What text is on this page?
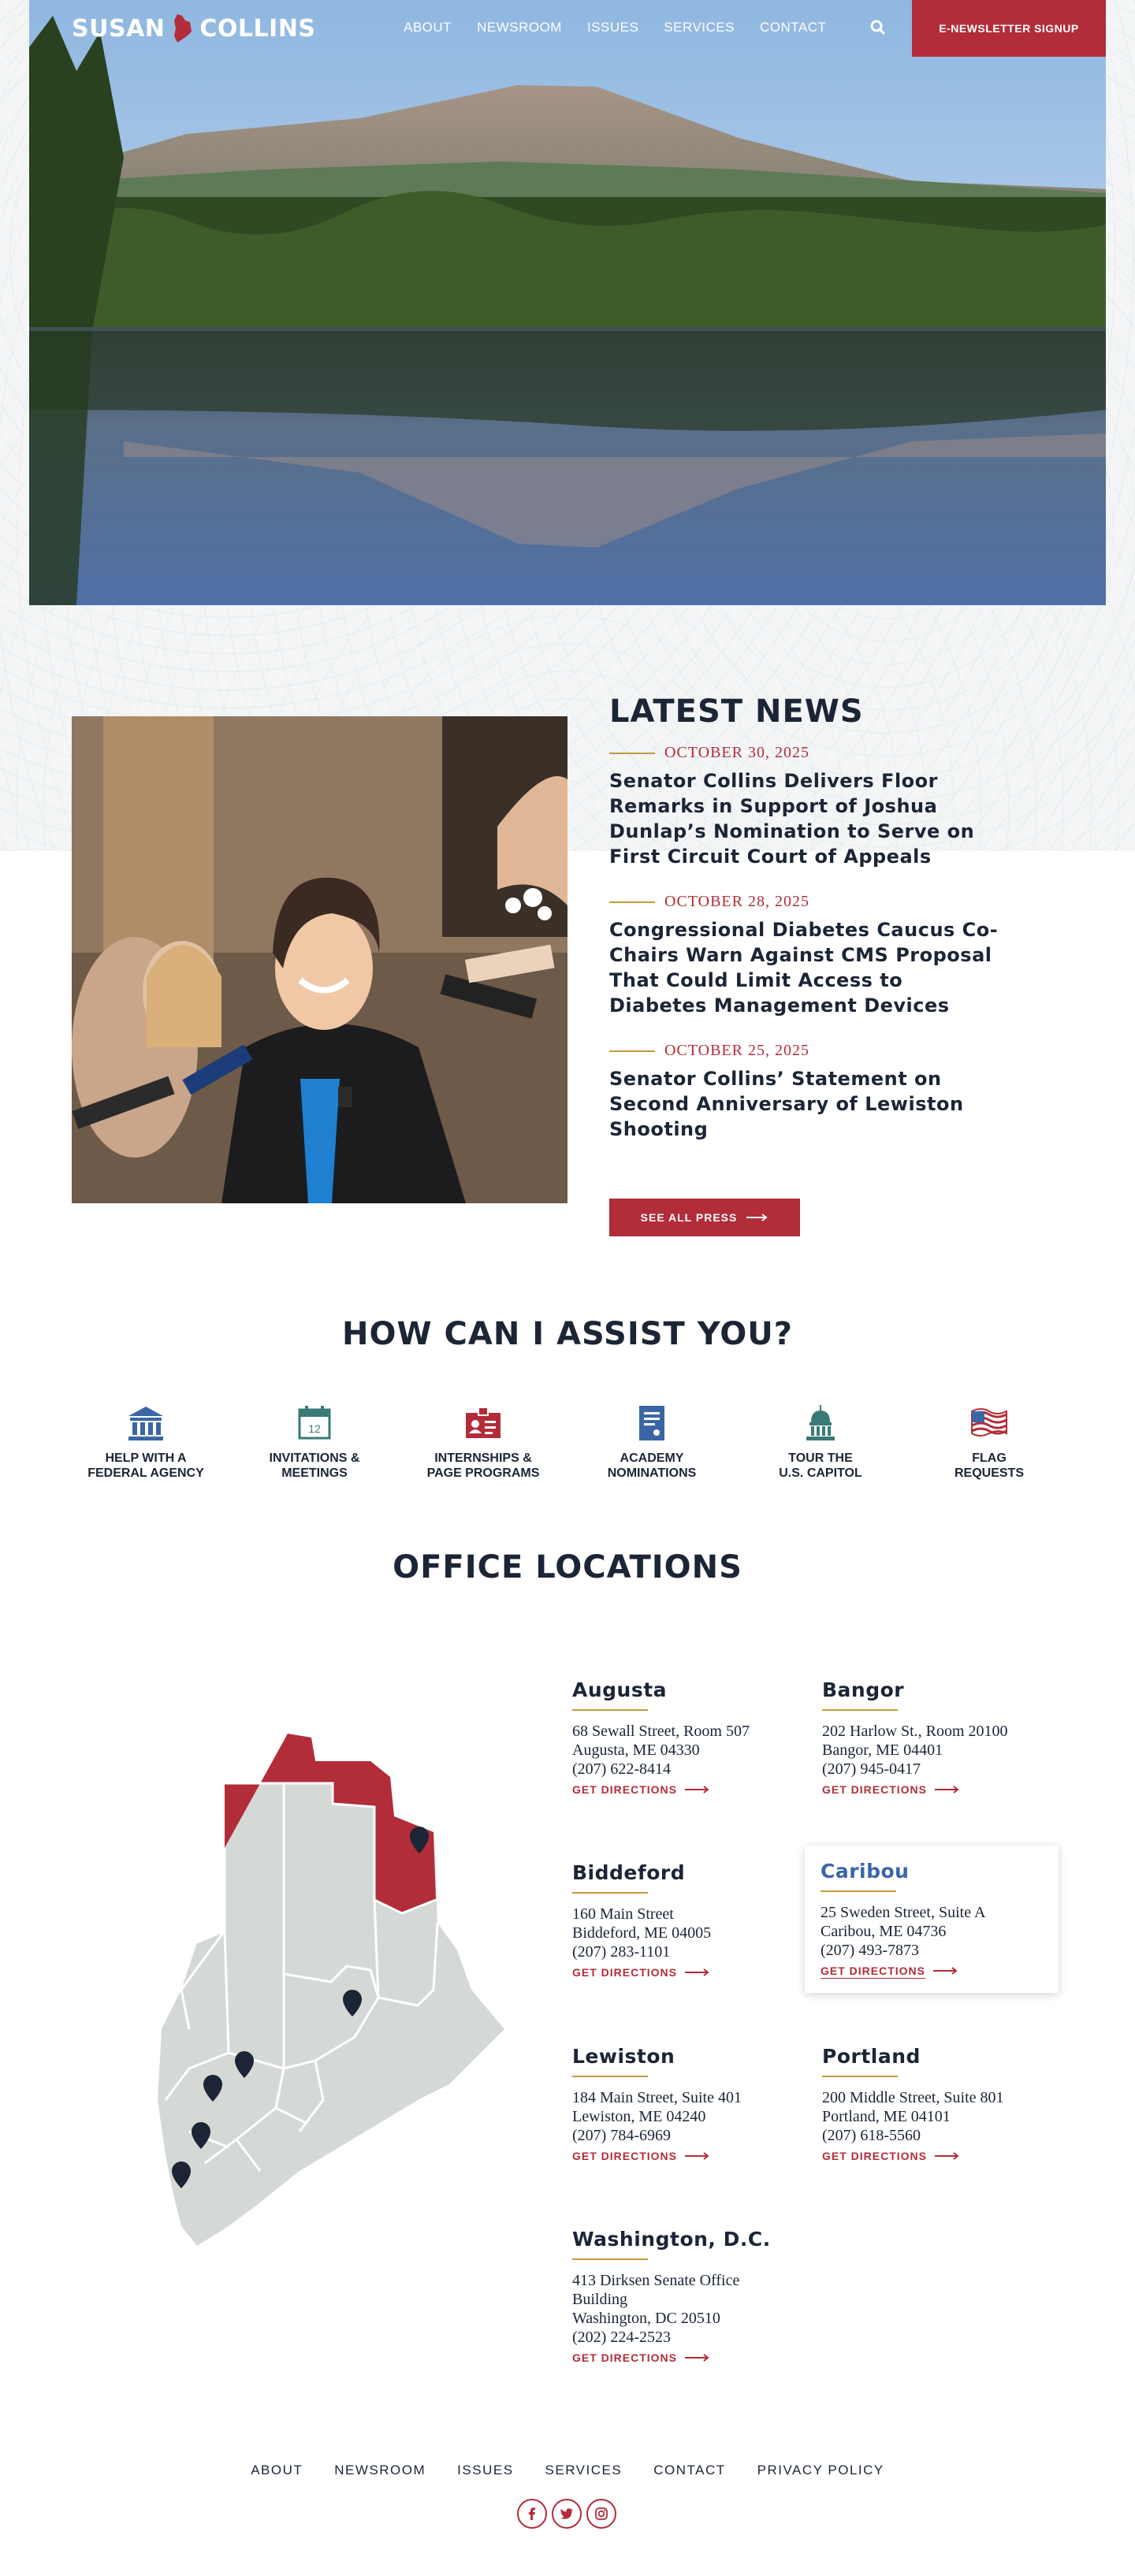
SUSAN COLLINS	ABOUT NEWSROOM ISSUES SERVICES CONTACT	E-NEWSLETTER SIGNUP
LATEST NEWS
OCTOBER 30, 2025
Senator Collins Delivers Floor Remarks in Support of Joshua Dunlap’s Nomination to Serve on First Circuit Court of Appeals
OCTOBER 28, 2025
Congressional Diabetes Caucus Co-Chairs Warn Against CMS Proposal That Could Limit Access to Diabetes Management Devices
OCTOBER 25, 2025
Senator Collins’ Statement on Second Anniversary of Lewiston Shooting
SEE ALL PRESS
HOW CAN I ASSIST YOU?
HELP WITH A
FEDERAL AGENCY
12
INVITATIONS &
MEETINGS
INTERNSHIPS &
PAGE PROGRAMS
ACADEMY
NOMINATIONS
TOUR THE
U.S. CAPITOL
FLAG
REQUESTS
OFFICE LOCATIONS
Augusta
68 Sewall Street, Room 507
Augusta, ME 04330
(207) 622-8414
GET DIRECTIONS
Bangor
202 Harlow St., Room 20100
Bangor, ME 04401
(207) 945-0417
GET DIRECTIONS
Biddeford
160 Main Street
Biddeford, ME 04005
(207) 283-1101
GET DIRECTIONS
Caribou
25 Sweden Street, Suite A
Caribou, ME 04736
(207) 493-7873
GET DIRECTIONS
Lewiston
184 Main Street, Suite 401
Lewiston, ME 04240
(207) 784-6969
GET DIRECTIONS
Portland
200 Middle Street, Suite 801
Portland, ME 04101
(207) 618-5560
GET DIRECTIONS
Washington, D.C.
413 Dirksen Senate Office
Building
Washington, DC 20510
(202) 224-2523
GET DIRECTIONS
ABOUT NEWSROOM ISSUES SERVICES CONTACT PRIVACY POLICY
